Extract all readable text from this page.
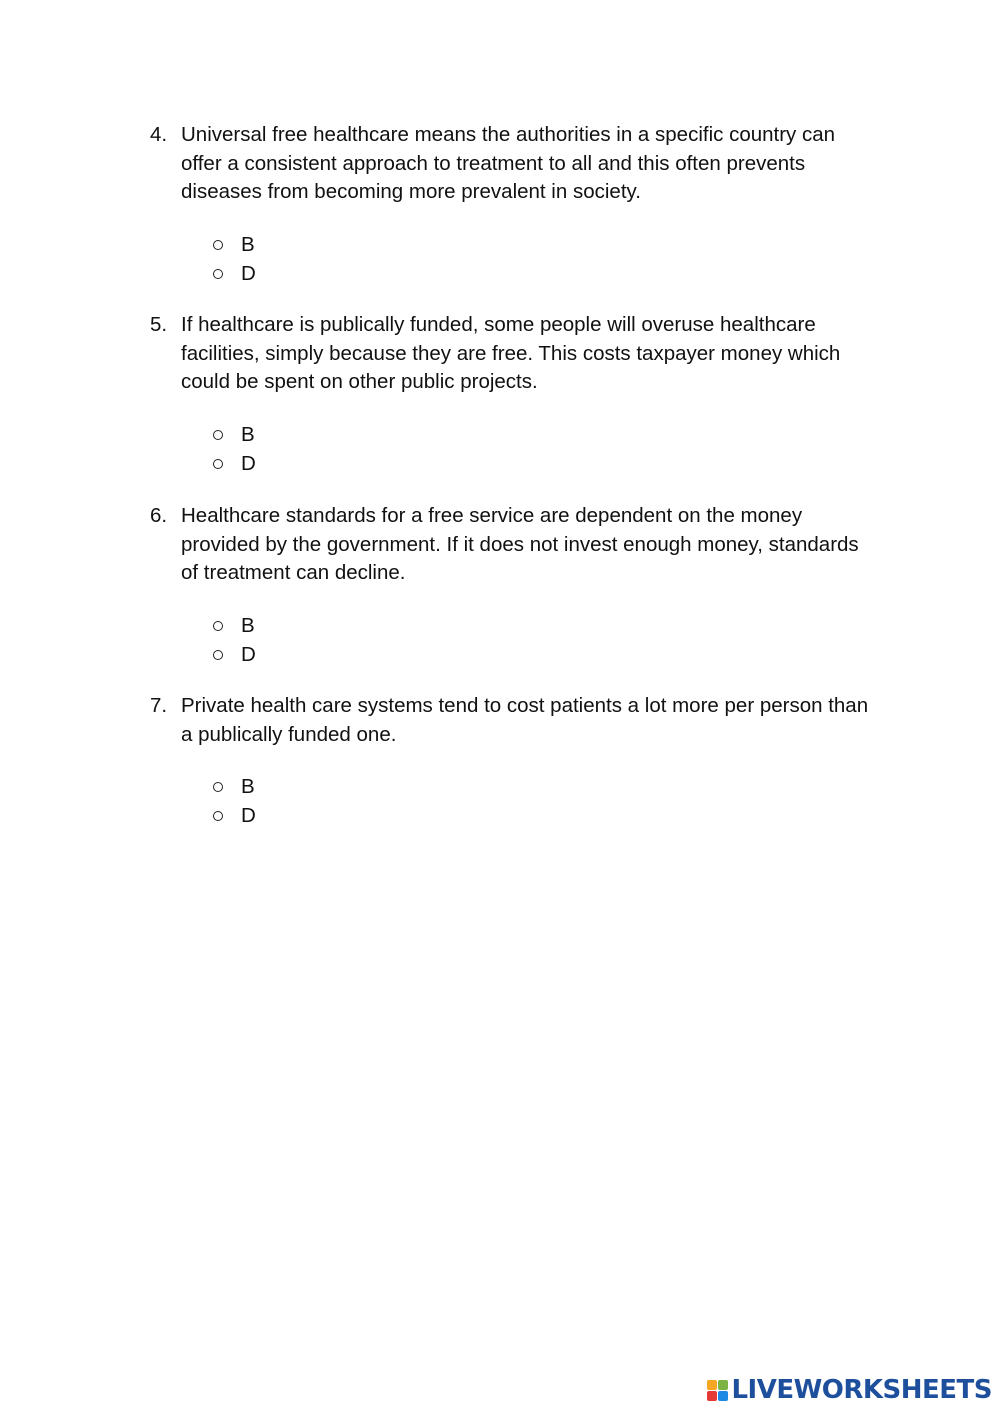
4. Universal free healthcare means the authorities in a specific country can offer a consistent approach to treatment to all and this often prevents diseases from becoming more prevalent in society.
B
D
5. If healthcare is publically funded, some people will overuse healthcare facilities, simply because they are free. This costs taxpayer money which could be spent on other public projects.
B
D
6. Healthcare standards for a free service are dependent on the money provided by the government. If it does not invest enough money, standards of treatment can decline.
B
D
7. Private health care systems tend to cost patients a lot more per person than a publically funded one.
B
D
LIVEWORKSHEETS
